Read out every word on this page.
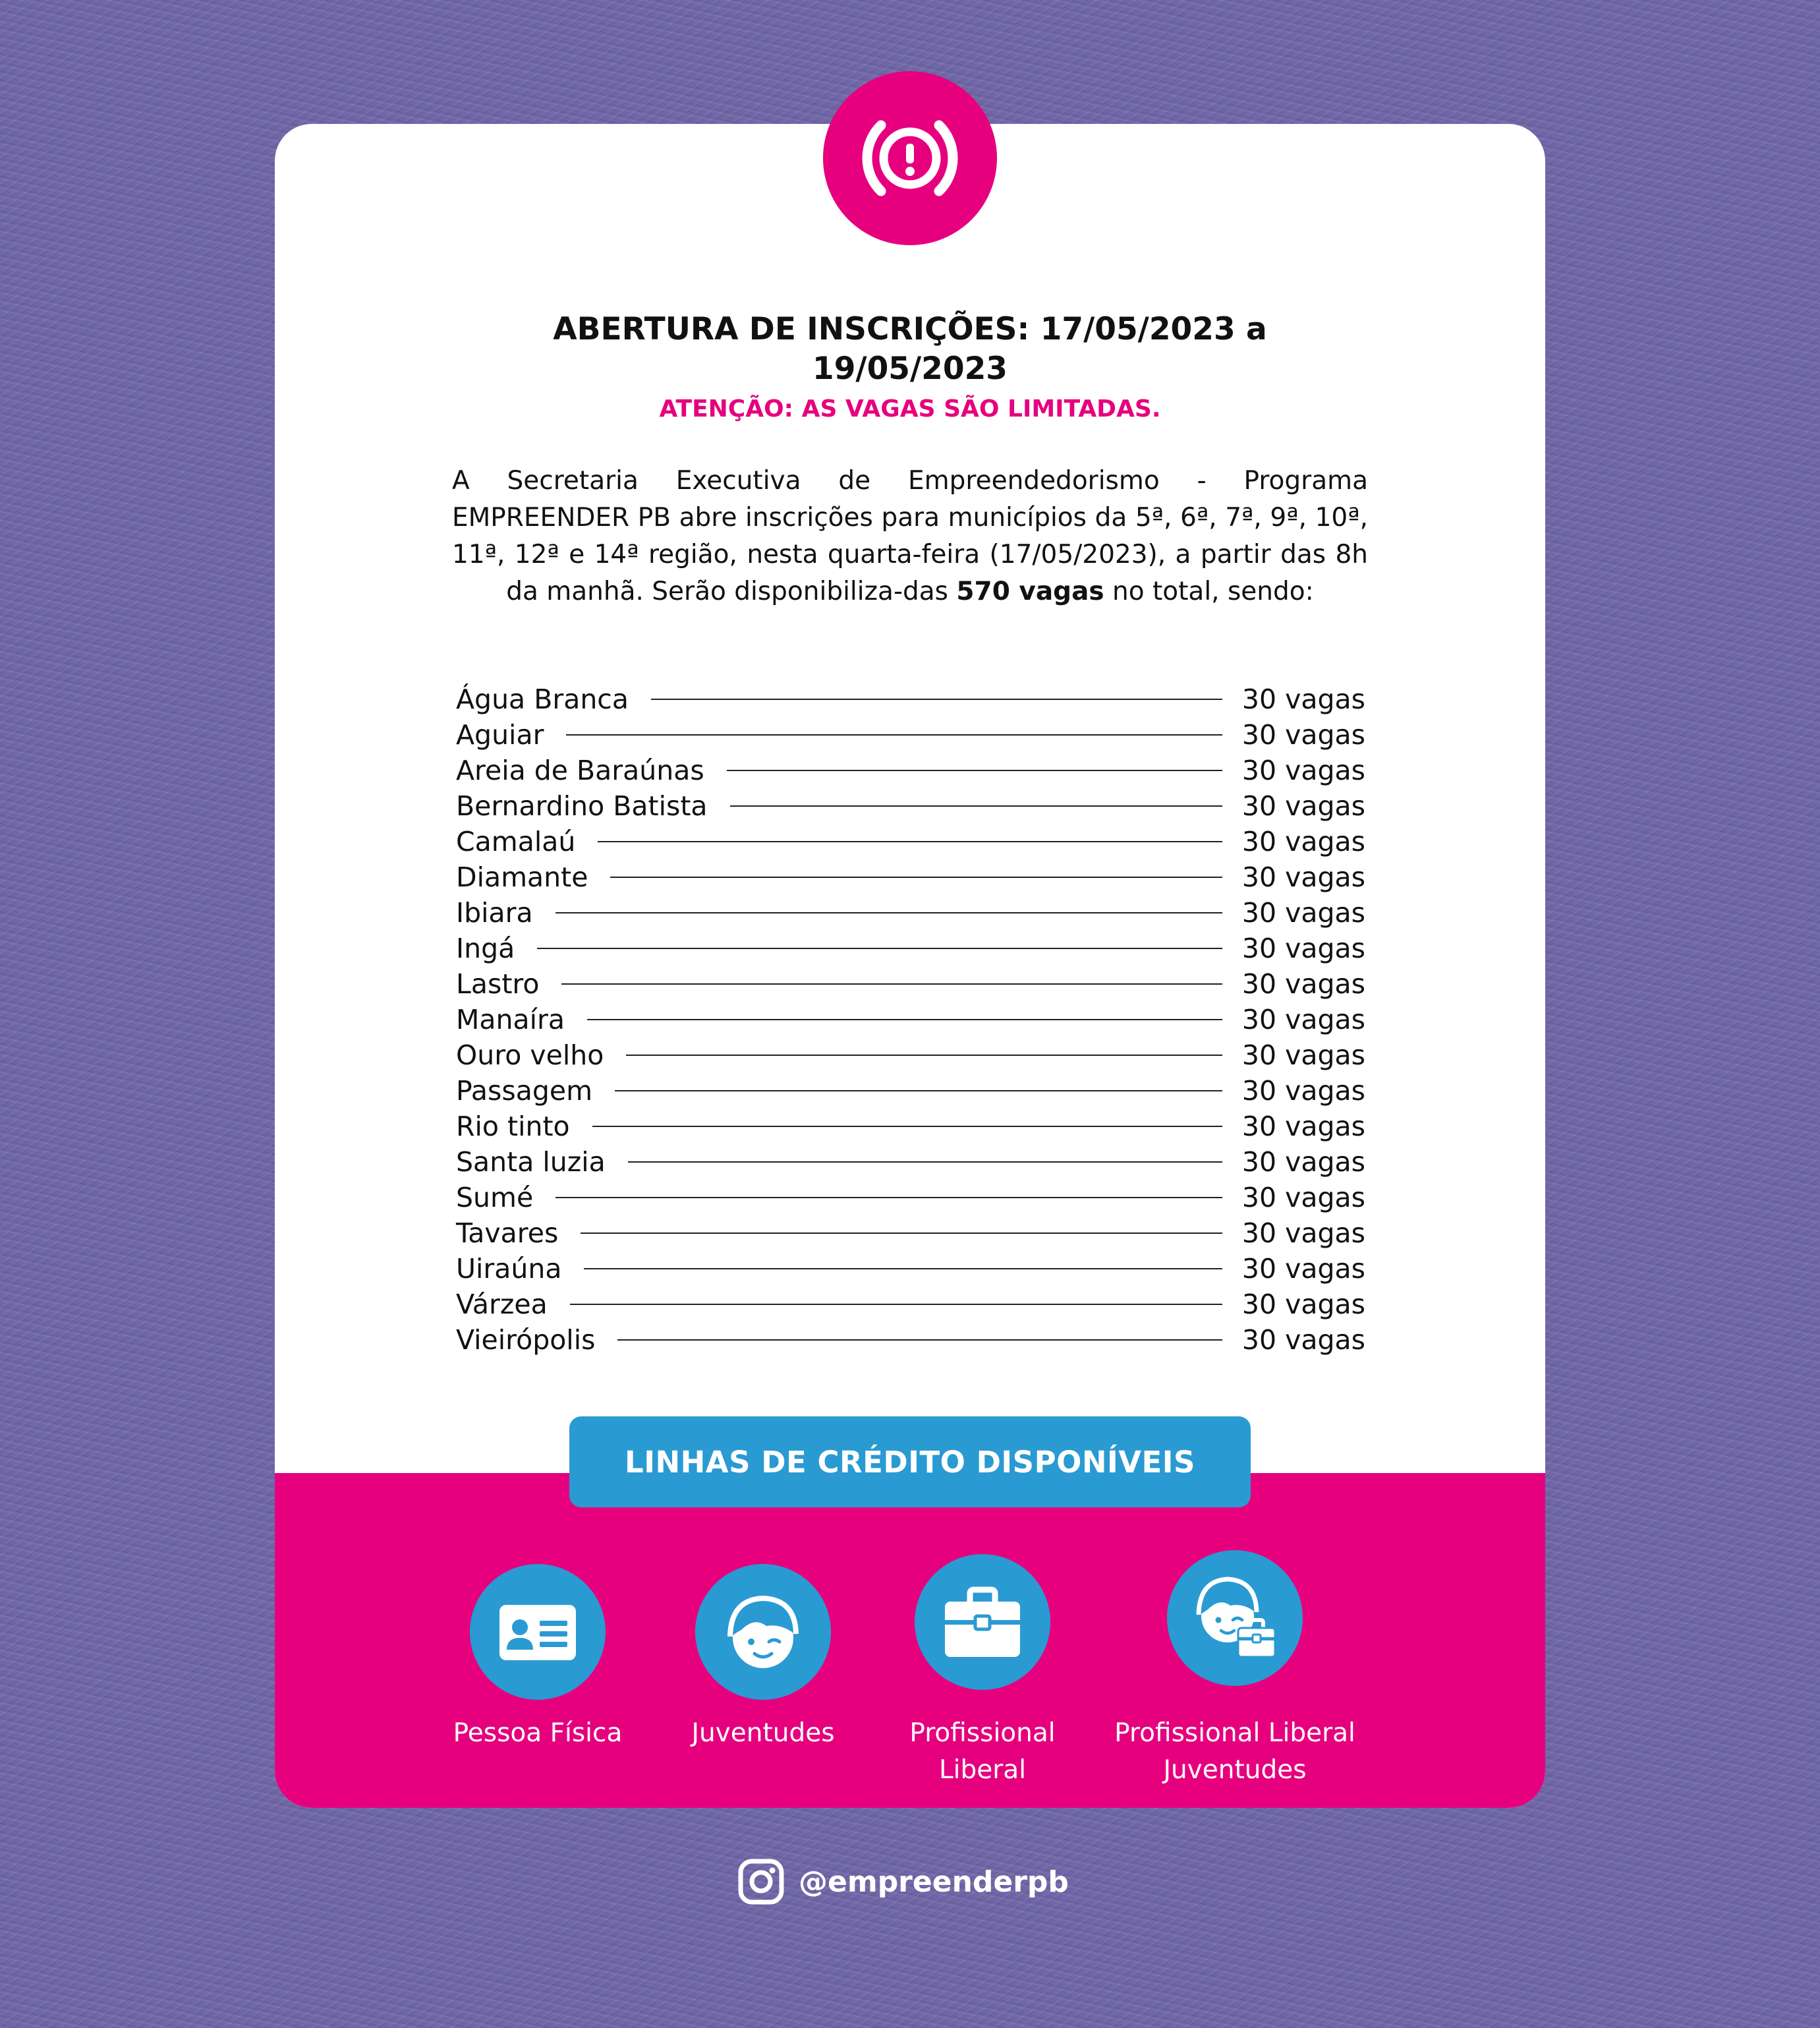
ABERTURA DE INSCRIÇÕES: 17/05/2023 a
19/05/2023
ATENÇÃO: AS VAGAS SÃO LIMITADAS.
A Secretaria Executiva de Empreendedorismo - Programa EMPREENDER PB abre inscrições para municípios da 5ª, 6ª, 7ª, 9ª, 10ª, 11ª, 12ª e 14ª região, nesta quarta-feira (17/05/2023), a partir das 8h da manhã. Serão disponibiliza-das 570 vagas no total, sendo:
Água Branca	30 vagas
Aguiar	30 vagas
Areia de Baraúnas	30 vagas
Bernardino Batista	30 vagas
Camalaú	30 vagas
Diamante	30 vagas
Ibiara	30 vagas
Ingá	30 vagas
Lastro	30 vagas
Manaíra	30 vagas
Ouro velho	30 vagas
Passagem	30 vagas
Rio tinto	30 vagas
Santa luzia	30 vagas
Sumé	30 vagas
Tavares	30 vagas
Uiraúna	30 vagas
Várzea	30 vagas
Vieirópolis	30 vagas
LINHAS DE CRÉDITO DISPONÍVEIS
Pessoa Física	Juventudes	Profissional
Liberal
Profissional Liberal
Juventudes
@empreenderpb
